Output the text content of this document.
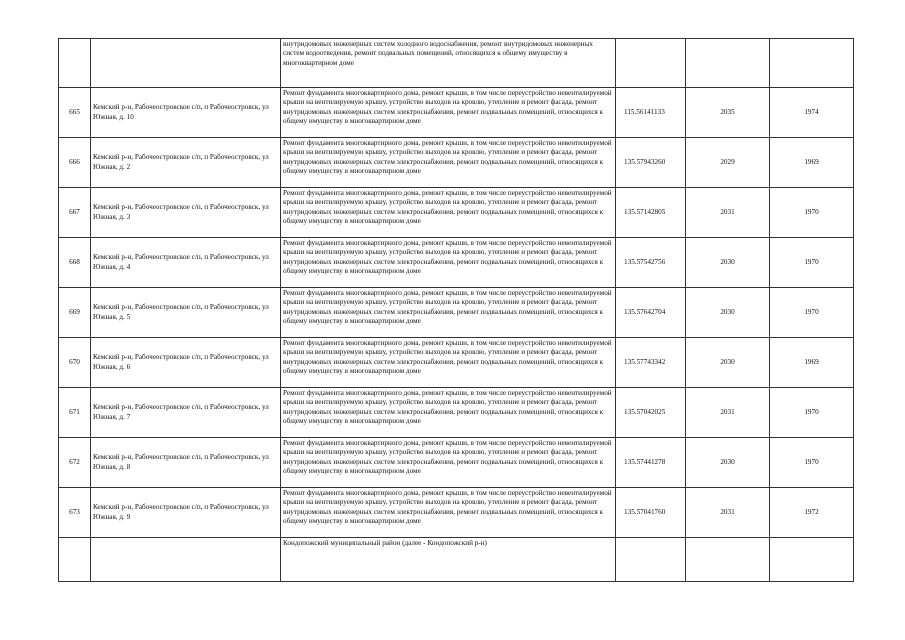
		внутридомовых инженерных систем холодного водоснабжения, ремонт внутридомовых инженерных систем водоотведения, ремонт подвальных помещений, относящихся к общему имуществу в многоквартирном доме			
665	Кемский р-н, Рабочеостровское с/п, п Рабочеостровск, ул Южная, д. 10	Ремонт фундамента многоквартирного дома, ремонт крыши, в том числе переустройство невентилируемой крыши на вентилируемую крышу, устройство выходов на кровлю, утепление и ремонт фасада, ремонт внутридомовых инженерных систем электроснабжения, ремонт подвальных помещений, относящихся к общему имуществу в многоквартирном доме	115.56141133	2035	1974
666	Кемский р-н, Рабочеостровское с/п, п Рабочеостровск, ул Южная, д. 2	Ремонт фундамента многоквартирного дома, ремонт крыши, в том числе переустройство невентилируемой крыши на вентилируемую крышу, устройство выходов на кровлю, утепление и ремонт фасада, ремонт внутридомовых инженерных систем электроснабжения, ремонт подвальных помещений, относящихся к общему имуществу в многоквартирном доме	135.57943260	2029	1969
667	Кемский р-н, Рабочеостровское с/п, п Рабочеостровск, ул Южная, д. 3	Ремонт фундамента многоквартирного дома, ремонт крыши, в том числе переустройство невентилируемой крыши на вентилируемую крышу, устройство выходов на кровлю, утепление и ремонт фасада, ремонт внутридомовых инженерных систем электроснабжения, ремонт подвальных помещений, относящихся к общему имуществу в многоквартирном доме	135.57142805	2031	1970
668	Кемский р-н, Рабочеостровское с/п, п Рабочеостровск, ул Южная, д. 4	Ремонт фундамента многоквартирного дома, ремонт крыши, в том числе переустройство невентилируемой крыши на вентилируемую крышу, устройство выходов на кровлю, утепление и ремонт фасада, ремонт внутридомовых инженерных систем электроснабжения, ремонт подвальных помещений, относящихся к общему имуществу в многоквартирном доме	135.57542756	2030	1970
669	Кемский р-н, Рабочеостровское с/п, п Рабочеостровск, ул Южная, д. 5	Ремонт фундамента многоквартирного дома, ремонт крыши, в том числе переустройство невентилируемой крыши на вентилируемую крышу, устройство выходов на кровлю, утепление и ремонт фасада, ремонт внутридомовых инженерных систем электроснабжения, ремонт подвальных помещений, относящихся к общему имуществу в многоквартирном доме	135.57642704	2030	1970
670	Кемский р-н, Рабочеостровское с/п, п Рабочеостровск, ул Южная, д. 6	Ремонт фундамента многоквартирного дома, ремонт крыши, в том числе переустройство невентилируемой крыши на вентилируемую крышу, устройство выходов на кровлю, утепление и ремонт фасада, ремонт внутридомовых инженерных систем электроснабжения, ремонт подвальных помещений, относящихся к общему имуществу в многоквартирном доме	135.57743342	2030	1969
671	Кемский р-н, Рабочеостровское с/п, п Рабочеостровск, ул Южная, д. 7	Ремонт фундамента многоквартирного дома, ремонт крыши, в том числе переустройство невентилируемой крыши на вентилируемую крышу, устройство выходов на кровлю, утепление и ремонт фасада, ремонт внутридомовых инженерных систем электроснабжения, ремонт подвальных помещений, относящихся к общему имуществу в многоквартирном доме	135.57042025	2031	1970
672	Кемский р-н, Рабочеостровское с/п, п Рабочеостровск, ул Южная, д. 8	Ремонт фундамента многоквартирного дома, ремонт крыши, в том числе переустройство невентилируемой крыши на вентилируемую крышу, устройство выходов на кровлю, утепление и ремонт фасада, ремонт внутридомовых инженерных систем электроснабжения, ремонт подвальных помещений, относящихся к общему имуществу в многоквартирном доме	135.57441278	2030	1970
673	Кемский р-н, Рабочеостровское с/п, п Рабочеостровск, ул Южная, д. 9	Ремонт фундамента многоквартирного дома, ремонт крыши, в том числе переустройство невентилируемой крыши на вентилируемую крышу, устройство выходов на кровлю, утепление и ремонт фасада, ремонт внутридомовых инженерных систем электроснабжения, ремонт подвальных помещений, относящихся к общему имуществу в многоквартирном доме	135.57041760	2031	1972
		Кондопожский муниципальный район (далее - Кондопожский р-н)			
